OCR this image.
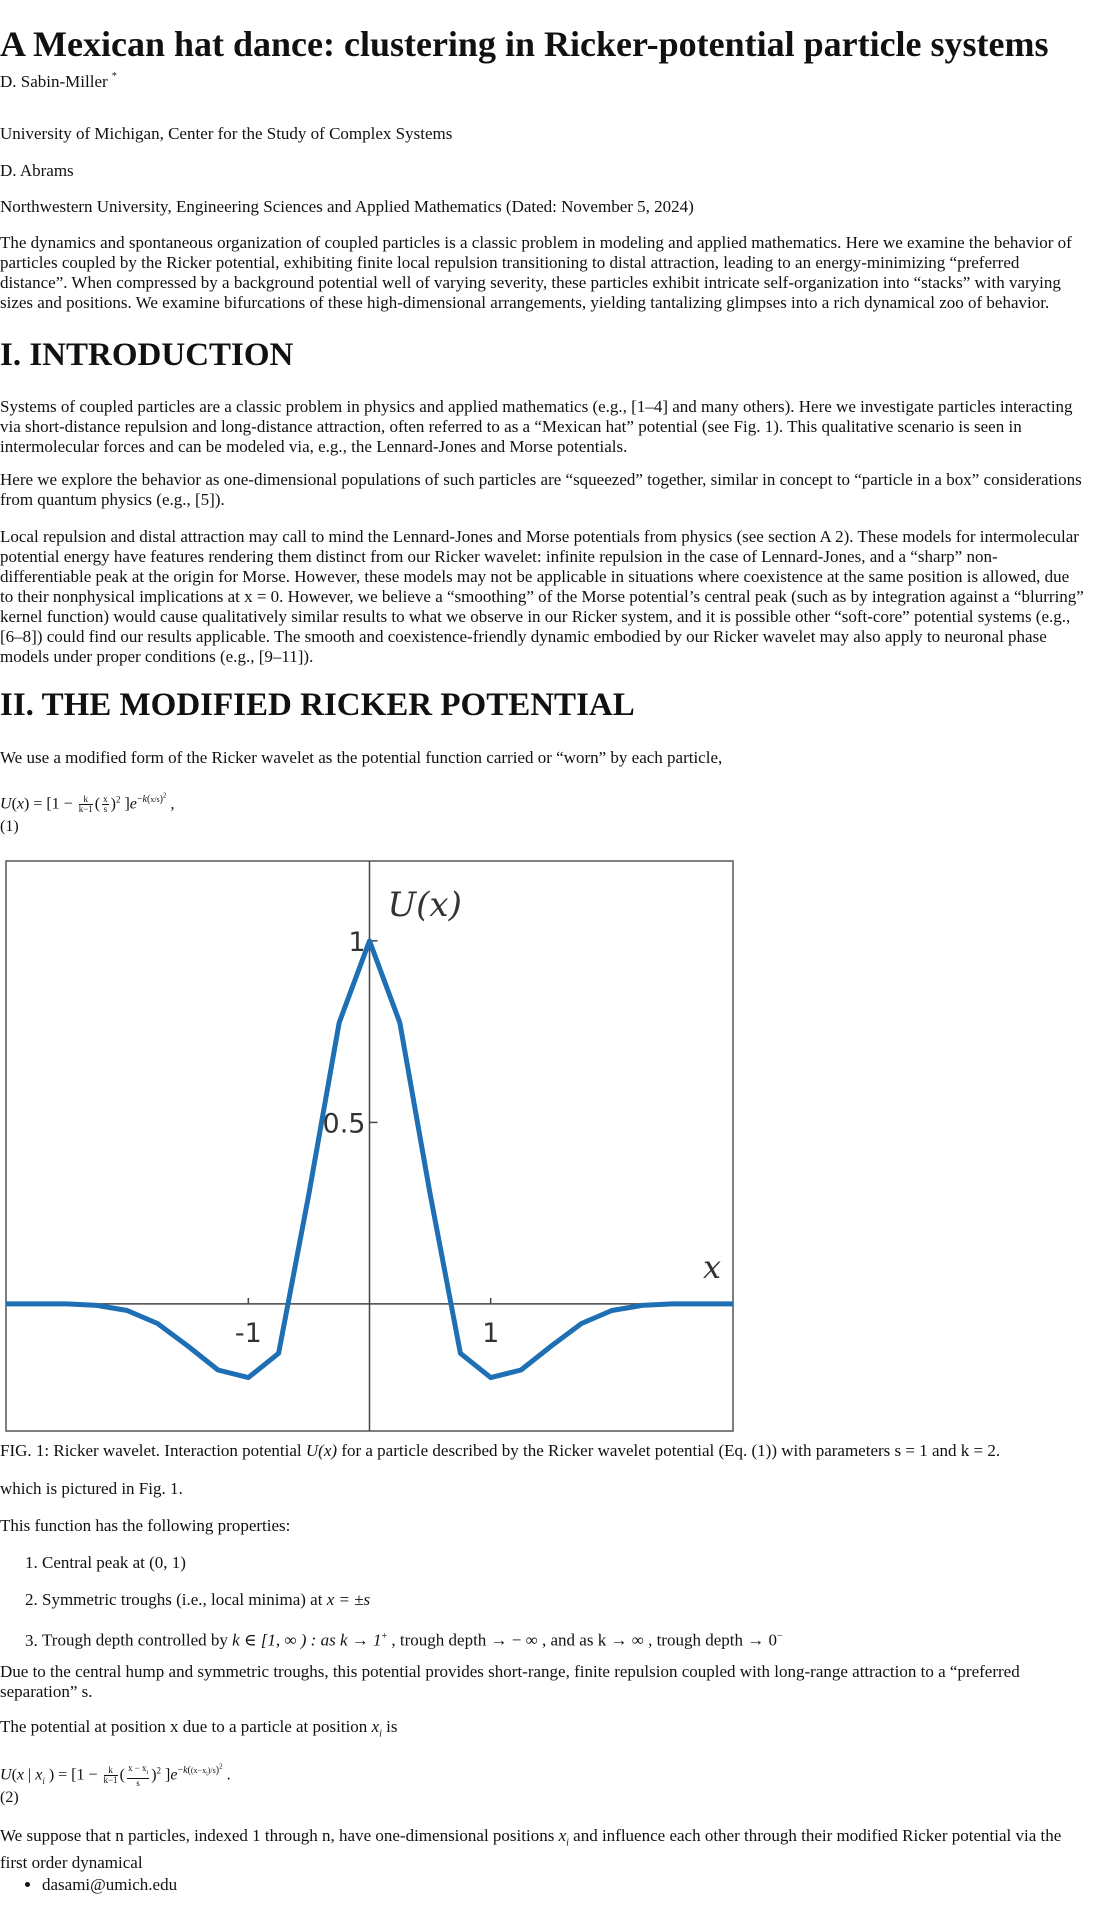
A Mexican hat dance: clustering in Ricker-potential particle systems

D. Sabin-Miller *

University of Michigan, Center for the Study of Complex Systems

D. Abrams

Northwestern University, Engineering Sciences and Applied Mathematics (Dated: November 5, 2024)

The dynamics and spontaneous organization of coupled particles is a classic problem in modeling and applied mathematics. Here we examine the behavior of particles coupled by the Ricker potential, exhibiting finite local repulsion transitioning to distal attraction, leading to an energy-minimizing “preferred distance”. When compressed by a background potential well of varying severity, these particles exhibit intricate self-organization into “stacks” with varying sizes and positions. We examine bifurcations of these high-dimensional arrangements, yielding tantalizing glimpses into a rich dynamical zoo of behavior.

I. INTRODUCTION

Systems of coupled particles are a classic problem in physics and applied mathematics (e.g., [1–4] and many others). Here we investigate particles interacting via short-distance repulsion and long-distance attraction, often referred to as a “Mexican hat” potential (see Fig. 1). This qualitative scenario is seen in intermolecular forces and can be modeled via, e.g., the Lennard-Jones and Morse potentials.

Here we explore the behavior as one-dimensional populations of such particles are “squeezed” together, similar in concept to “particle in a box” considerations from quantum physics (e.g., [5]).

Local repulsion and distal attraction may call to mind the Lennard-Jones and Morse potentials from physics (see section A 2). These models for intermolecular potential energy have features rendering them distinct from our Ricker wavelet: infinite repulsion in the case of Lennard-Jones, and a “sharp” non-differentiable peak at the origin for Morse. However, these models may not be applicable in situations where coexistence at the same position is allowed, due to their nonphysical implications at x = 0. However, we believe a “smoothing” of the Morse potential’s central peak (such as by integration against a “blurring” kernel function) would cause qualitatively similar results to what we observe in our Ricker system, and it is possible other “soft-core” potential systems (e.g., [6–8]) could find our results applicable. The smooth and coexistence-friendly dynamic embodied by our Ricker wavelet may also apply to neuronal phase models under proper conditions (e.g., [9–11]).

II. THE MODIFIED RICKER POTENTIAL

We use a modified form of the Ricker wavelet as the potential function carried or “worn” by each particle,

$U(x) = [1 - \frac{k}{k-1}$ ( $\frac{x}{s} )^2$ ]$e^{-k(x/s)^2}$ ,
(1)
-1	1
0.5
1
U(x)
x
FIG. 1: Ricker wavelet. Interaction potential U(x) for a particle described by the Ricker wavelet potential (Eq. (1)) with parameters s = 1 and k = 2.

which is pictured in Fig. 1.

This function has the following properties:

1. Central peak at (0, 1)
2. Symmetric troughs (i.e., local minima) at x = ±s
3. Trough depth controlled by k ∈ [1, ∞ ) : as k → 1+ , trough depth → − ∞ , and as k → ∞ , trough depth → 0−

Due to the central hump and symmetric troughs, this potential provides short-range, finite repulsion coupled with long-range attraction to a “preferred separation” s.

The potential at position x due to a particle at position $x_i$ is

U(x | $x_i$ ) = [$1 - \frac{k}{k-1}$ ( $\frac{x - x_i}{s} )^2$ ]$e^{-k((x-x_i)/s)^2}$ .
(2)

We suppose that n particles, indexed 1 through n, have one-dimensional positions $x_i$ and influence each other through their modified Ricker potential via the first order dynamical

• dasami@umich.edu
